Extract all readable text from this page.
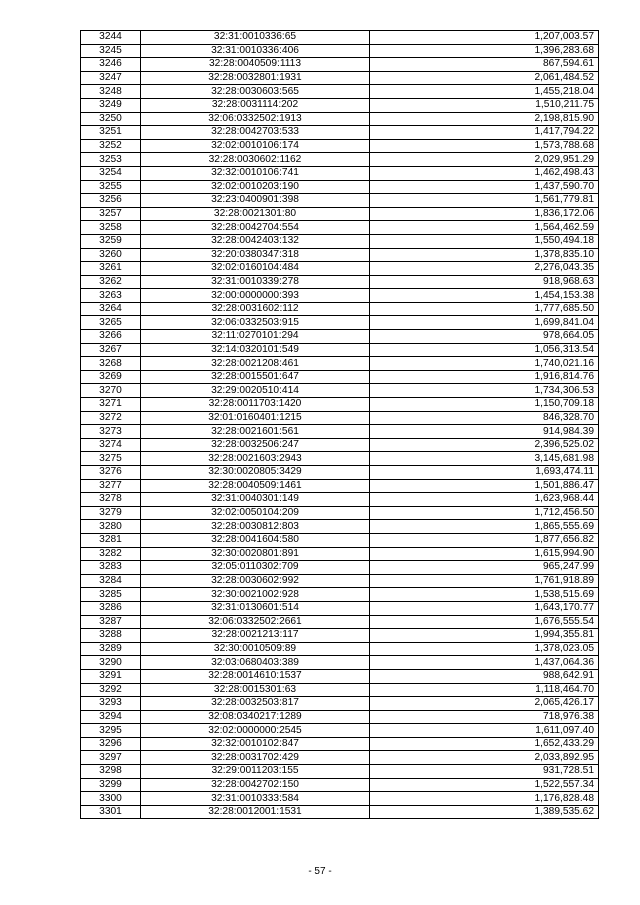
3244	32:31:0010336:65	1,207,003.57
3245	32:31:0010336:406	1,396,283.68
3246	32:28:0040509:1113	867,594.61
3247	32:28:0032801:1931	2,061,484.52
3248	32:28:0030603:565	1,455,218.04
3249	32:28:0031114:202	1,510,211.75
3250	32:06:0332502:1913	2,198,815.90
3251	32:28:0042703:533	1,417,794.22
3252	32:02:0010106:174	1,573,788.68
3253	32:28:0030602:1162	2,029,951.29
3254	32:32:0010106:741	1,462,498.43
3255	32:02:0010203:190	1,437,590.70
3256	32:23:0400901:398	1,561,779.81
3257	32:28:0021301:80	1,836,172.06
3258	32:28:0042704:554	1,564,462.59
3259	32:28:0042403:132	1,550,494.18
3260	32:20:0380347:318	1,378,835.10
3261	32:02:0160104:484	2,276,043.35
3262	32:31:0010339:278	918,968.63
3263	32:00:0000000:393	1,454,153.38
3264	32:28:0031602:112	1,777,685.50
3265	32:06:0332503:915	1,699,841.04
3266	32:11:0270101:294	978,664.05
3267	32:14:0320101:549	1,056,313.54
3268	32:28:0021208:461	1,740,021.16
3269	32:28:0015501:647	1,916,814.76
3270	32:29:0020510:414	1,734,306.53
3271	32:28:0011703:1420	1,150,709.18
3272	32:01:0160401:1215	846,328.70
3273	32:28:0021601:561	914,984.39
3274	32:28:0032506:247	2,396,525.02
3275	32:28:0021603:2943	3,145,681.98
3276	32:30:0020805:3429	1,693,474.11
3277	32:28:0040509:1461	1,501,886.47
3278	32:31:0040301:149	1,623,968.44
3279	32:02:0050104:209	1,712,456.50
3280	32:28:0030812:803	1,865,555.69
3281	32:28:0041604:580	1,877,656.82
3282	32:30:0020801:891	1,615,994.90
3283	32:05:0110302:709	965,247.99
3284	32:28:0030602:992	1,761,918.89
3285	32:30:0021002:928	1,538,515.69
3286	32:31:0130601:514	1,643,170.77
3287	32:06:0332502:2661	1,676,555.54
3288	32:28:0021213:117	1,994,355.81
3289	32:30:0010509:89	1,378,023.05
3290	32:03:0680403:389	1,437,064.36
3291	32:28:0014610:1537	988,642.91
3292	32:28:0015301:63	1,118,464.70
3293	32:28:0032503:817	2,065,426.17
3294	32:08:0340217:1289	718,976.38
3295	32:02:0000000:2545	1,611,097.40
3296	32:32:0010102:847	1,652,433.29
3297	32:28:0031702:429	2,033,892.95
3298	32:29:0011203:155	931,728.51
3299	32:28:0042702:150	1,522,557.34
3300	32:31:0010333:584	1,176,828.48
3301	32:28:0012001:1531	1,389,535.62
- 57 -
